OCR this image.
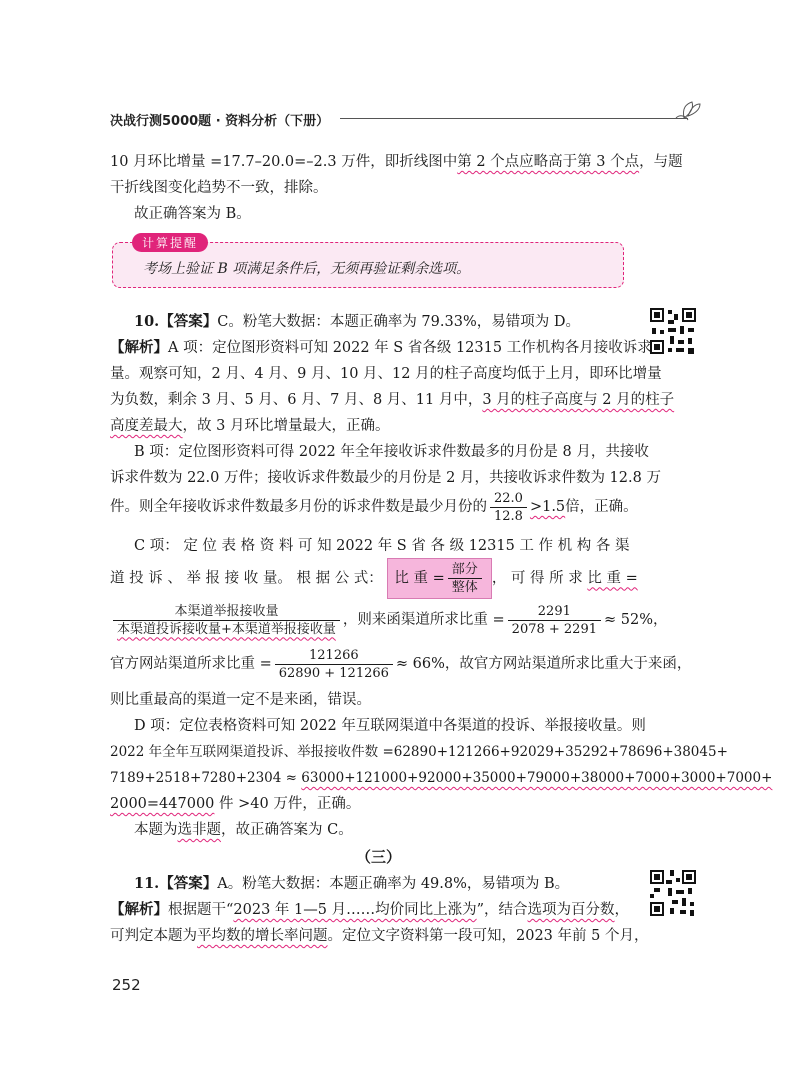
决战行测5000题 · 资料分析（下册）
10 月环比增量 =17.7–20.0=–2.3 万件，即折线图中第 2 个点应略高于第 3 个点，与题
干折线图变化趋势不一致，排除。
故正确答案为 B。
计算提醒
考场上验证 B 项满足条件后，无须再验证剩余选项。
10.【答案】C。粉笔大数据：本题正确率为 79.33%，易错项为 D。
【解析】A 项：定位图形资料可知 2022 年 S 省各级 12315 工作机构各月接收诉求
量。观察可知，2 月、4 月、9 月、10 月、12 月的柱子高度均低于上月，即环比增量
为负数，剩余 3 月、5 月、6 月、7 月、8 月、11 月中，3 月的柱子高度与 2 月的柱子
高度差最大，故 3 月环比增量最大，正确。
B 项：定位图形资料可得 2022 年全年接收诉求件数最多的月份是 8 月，共接收
诉求件数为 22.0 万件；接收诉求件数最少的月份是 2 月，共接收诉求件数为 12.8 万
件。则全年接收诉求件数最多月份的诉求件数是最少月份的 $\frac{22.0}{12.8} >1.5$倍，正确。
C 项： 定 位 表 格 资 料 可 知 2022 年 S 省 各 级 12315 工 作 机 构 各 渠
道 投 诉 、 举 报 接 收 量。 根 据 公 式： 比 重 = $\frac{\text{部分}}{\text{整体}}$ ， 可 得 所 求 比 重 =
$\frac{\text{本渠道举报接收量}}{\text{本渠道投诉接收量+本渠道举报接收量}}$ ，则来函渠道所求比重 = $\frac{2291}{2078 + 2291} \approx 52\%$，
官方网站渠道所求比重 = $\frac{121266}{62890 + 121266} \approx 66\%$，故官方网站渠道所求比重大于来函，
则比重最高的渠道一定不是来函，错误。
D 项：定位表格资料可知 2022 年互联网渠道中各渠道的投诉、举报接收量。则
2022 年全年互联网渠道投诉、举报接收件数 =62890+121266+92029+35292+78696+38045+
7189+2518+7280+2304 ≈ 63000+121000+92000+35000+79000+38000+7000+3000+7000+
2000=447000 件 >40 万件，正确。
本题为选非题，故正确答案为 C。
（三）
11.【答案】A。粉笔大数据：本题正确率为 49.8%，易错项为 B。
【解析】根据题干“2023 年 1—5 月……均价同比上涨为”，结合选项为百分数，
可判定本题为平均数的增长率问题。定位文字资料第一段可知，2023 年前 5 个月，
252
